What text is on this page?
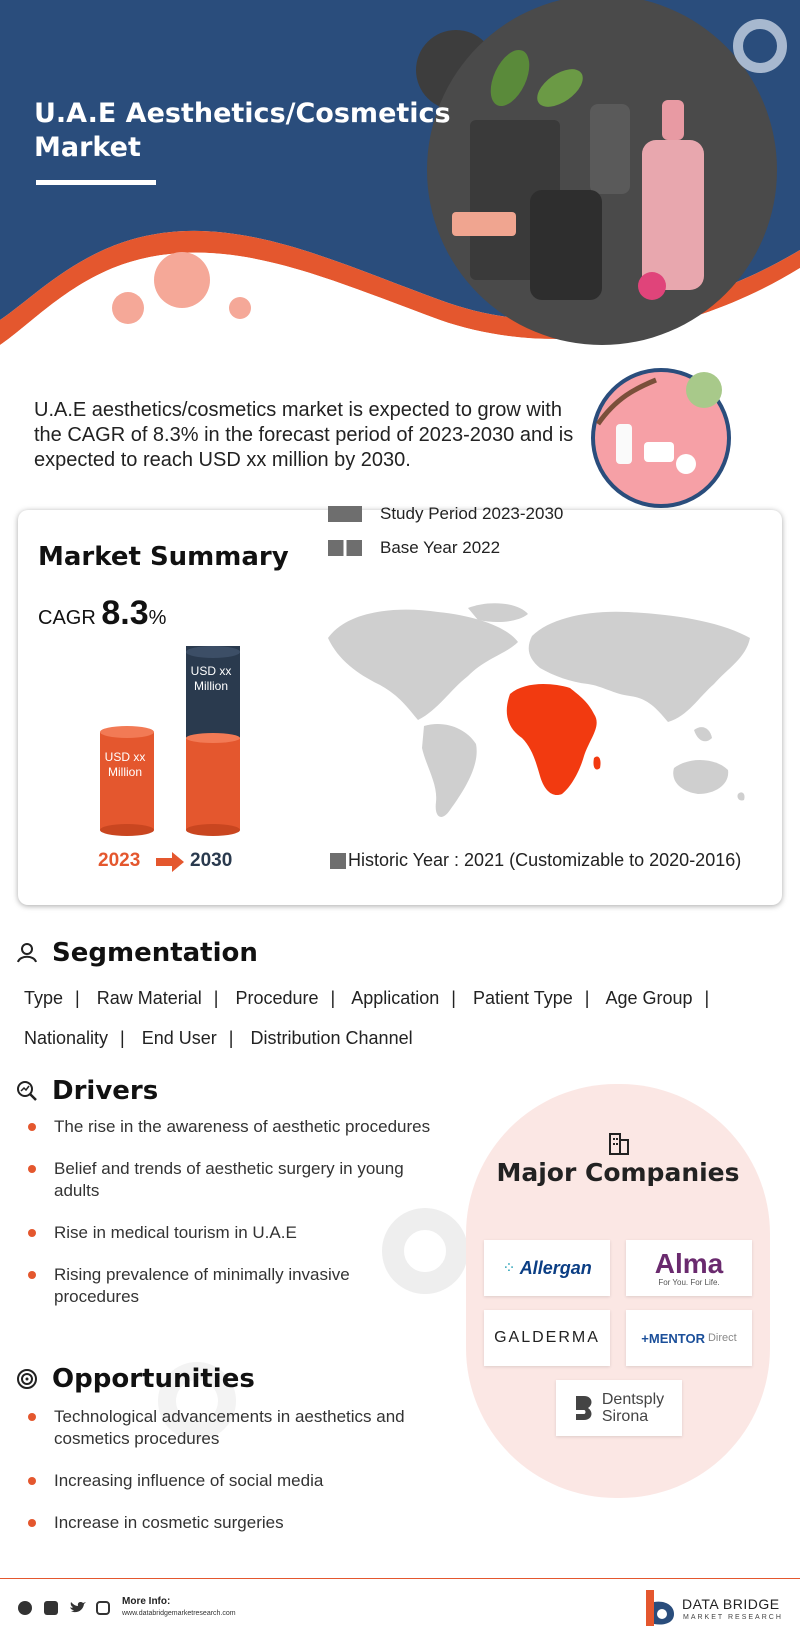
U.A.E Aesthetics/Cosmetics Market

U.A.E aesthetics/cosmetics market is expected to grow with the CAGR of 8.3% in the forecast period of 2023-2030 and is expected to reach USD xx million by 2030.

Market Summary
CAGR 8.3%
USD xx Million
USD xx Million
2023	2030
Study Period 2023-2030
Base Year 2022
Historic Year : 2021 (Customizable to 2020-2016)
Segmentation
Type | Raw Material | Procedure | Application | Patient Type | Age Group |
Nationality | End User | Distribution Channel
Drivers
The rise in the awareness of aesthetic procedures
Belief and trends of aesthetic surgery in young adults
Rise in medical tourism in U.A.E
Rising prevalence of minimally invasive procedures
Opportunities
Technological advancements in aesthetics and cosmetics procedures
Increasing influence of social media
Increase in cosmetic surgeries
Major Companies
⁘ Allergan Alma
For You. For Life.
GALDERMA	+ MENTOR Direct
Dentsply
Sirona
More Info:
www.databridgemarketresearch.com
DATA BRIDGE
MARKET RESEARCH
